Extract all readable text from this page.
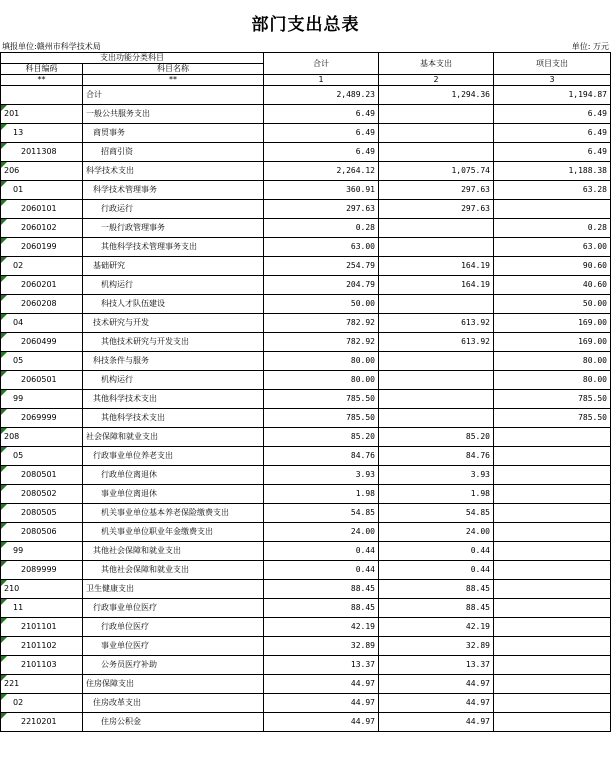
部门支出总表
填报单位:赣州市科学技术局	单位: 万元
支出功能分类科目		合计	基本支出	项目支出
科目编码	科目名称			
**	**	1	2	3
	合计	2,489.23	1,294.36	1,194.87
201	一般公共服务支出	6.49		6.49
13	商贸事务	6.49		6.49
2011308	招商引资	6.49		6.49
206	科学技术支出	2,264.12	1,075.74	1,188.38
01	科学技术管理事务	360.91	297.63	63.28
2060101	行政运行	297.63	297.63	
2060102	一般行政管理事务	0.28		0.28
2060199	其他科学技术管理事务支出	63.00		63.00
02	基础研究	254.79	164.19	90.60
2060201	机构运行	204.79	164.19	40.60
2060208	科技人才队伍建设	50.00		50.00
04	技术研究与开发	782.92	613.92	169.00
2060499	其他技术研究与开发支出	782.92	613.92	169.00
05	科技条件与服务	80.00		80.00
2060501	机构运行	80.00		80.00
99	其他科学技术支出	785.50		785.50
2069999	其他科学技术支出	785.50		785.50
208	社会保障和就业支出	85.20	85.20	
05	行政事业单位养老支出	84.76	84.76	
2080501	行政单位离退休	3.93	3.93	
2080502	事业单位离退休	1.98	1.98	
2080505	机关事业单位基本养老保险缴费支出	54.85	54.85	
2080506	机关事业单位职业年金缴费支出	24.00	24.00	
99	其他社会保障和就业支出	0.44	0.44	
2089999	其他社会保障和就业支出	0.44	0.44	
210	卫生健康支出	88.45	88.45	
11	行政事业单位医疗	88.45	88.45	
2101101	行政单位医疗	42.19	42.19	
2101102	事业单位医疗	32.89	32.89	
2101103	公务员医疗补助	13.37	13.37	
221	住房保障支出	44.97	44.97	
02	住房改革支出	44.97	44.97	
2210201	住房公积金	44.97	44.97	
